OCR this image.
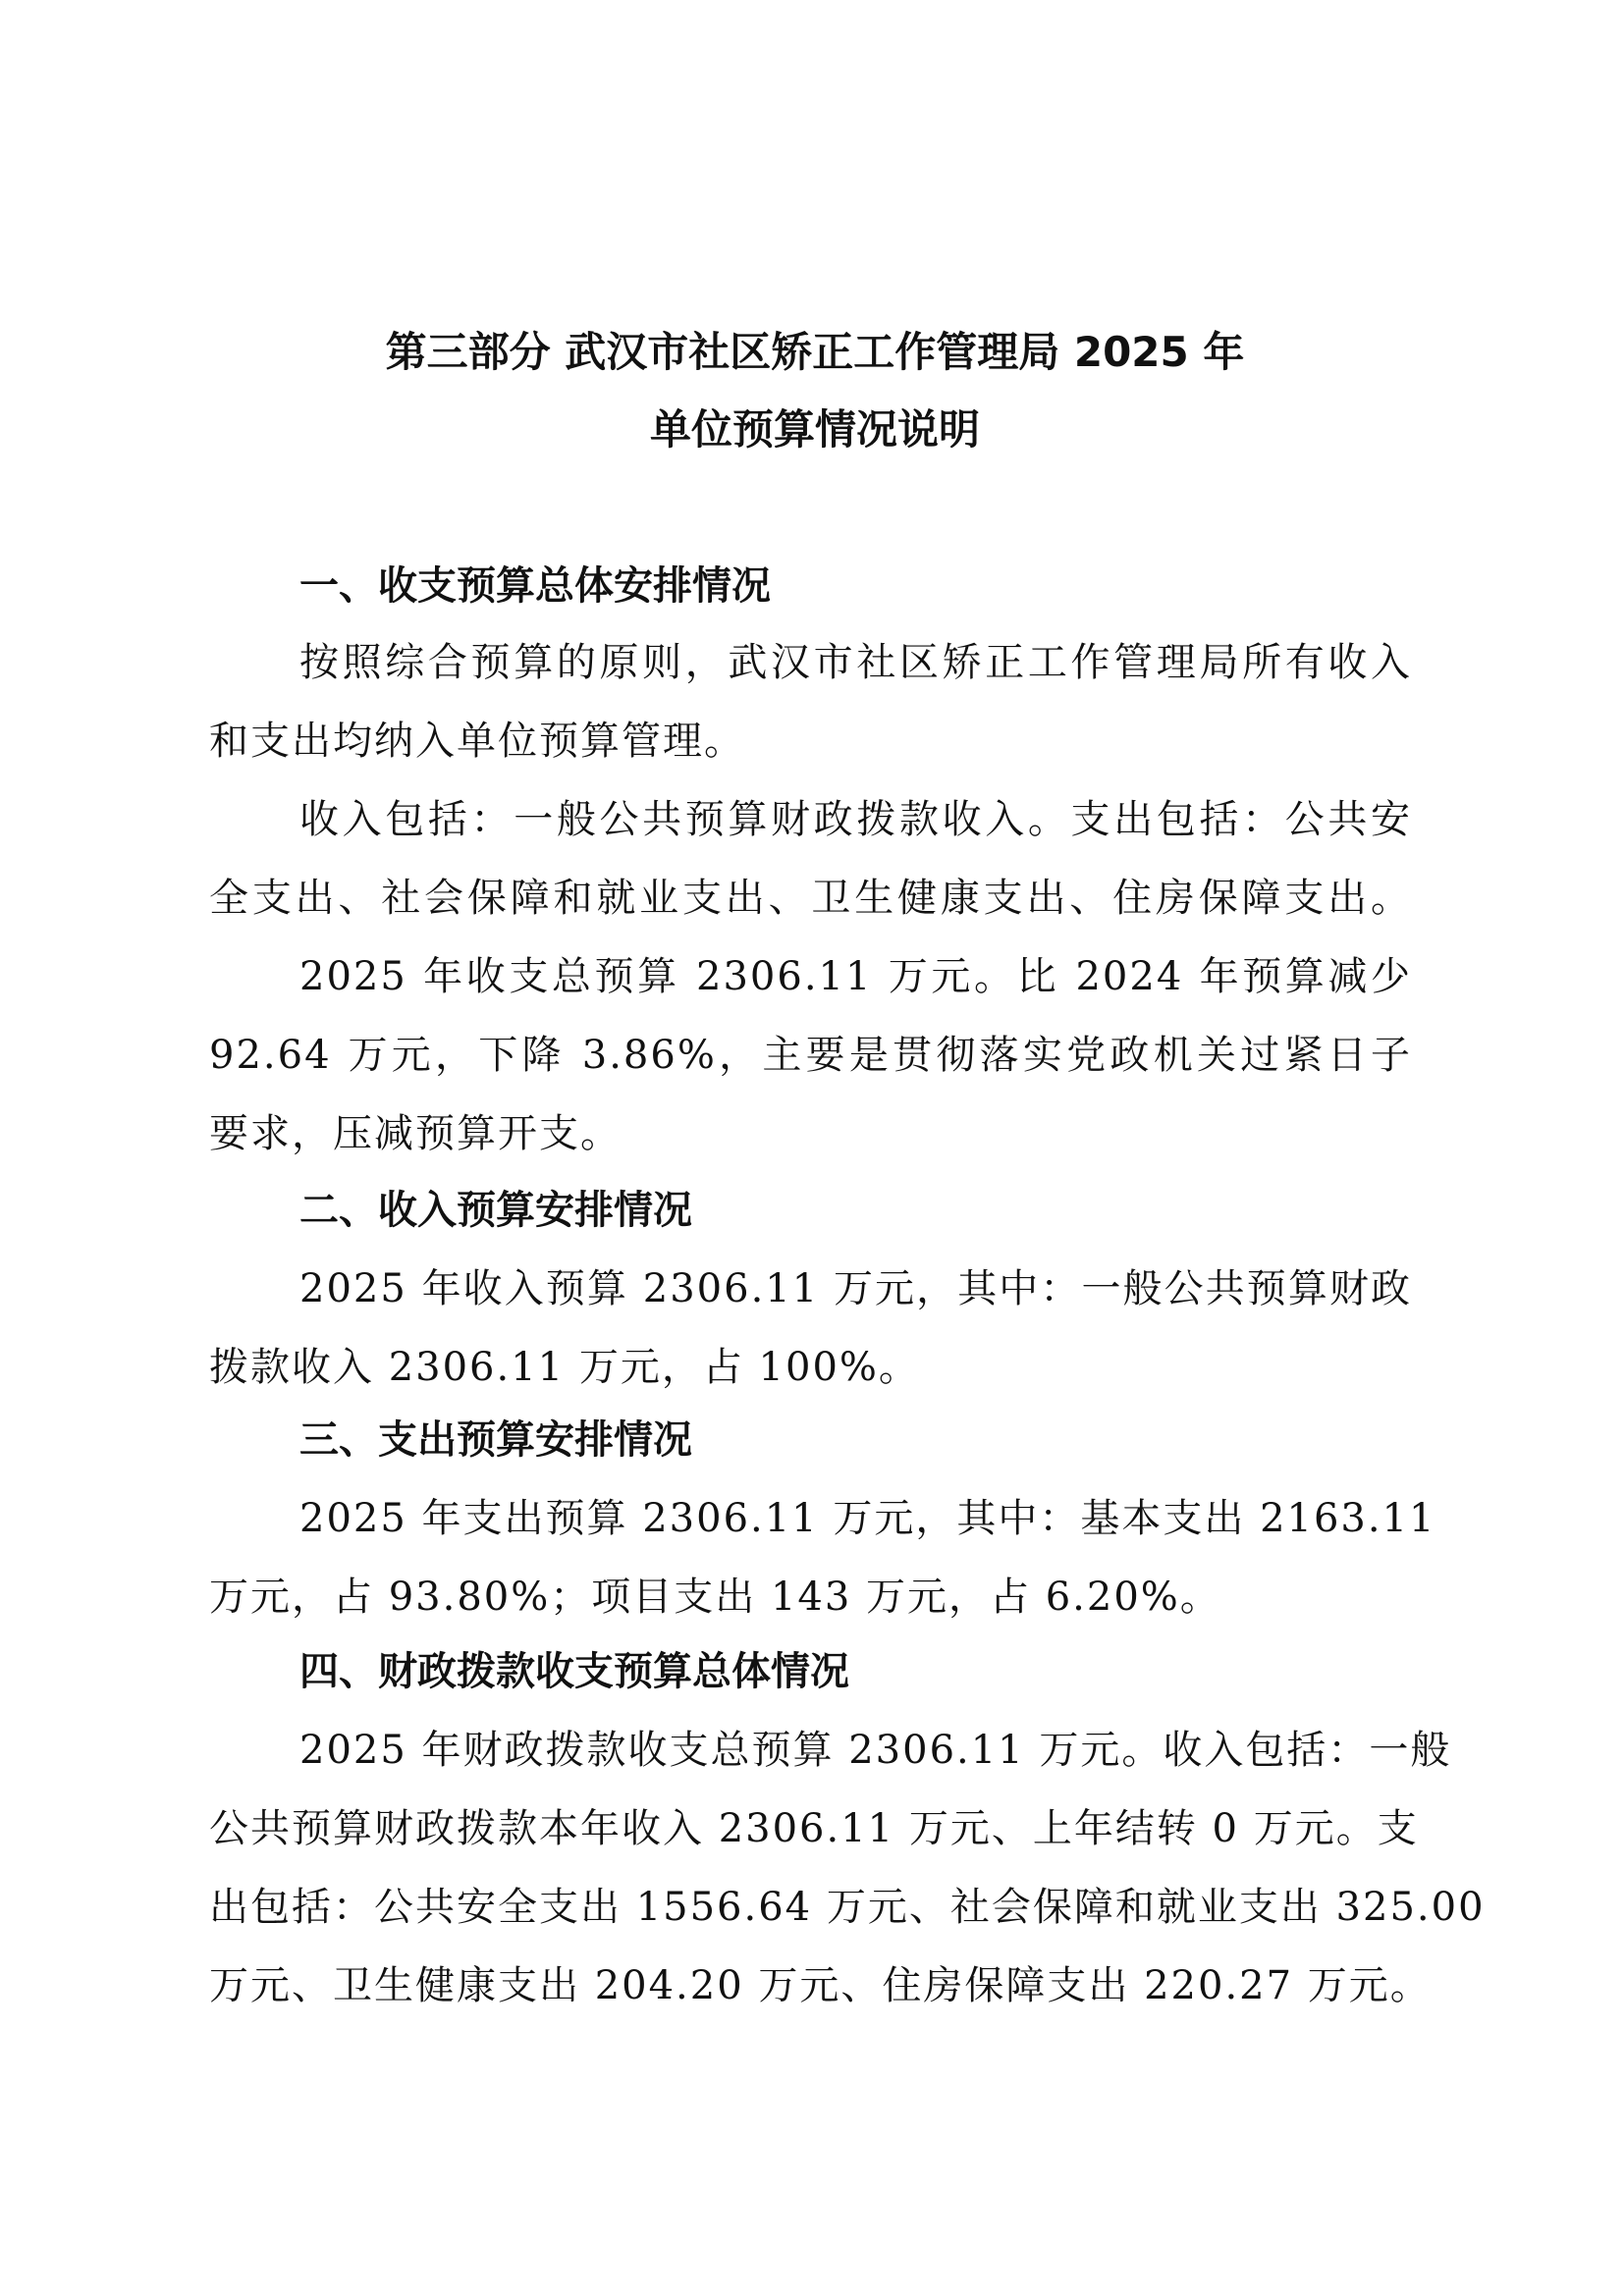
第三部分 武汉市社区矫正工作管理局 2025 年
单位预算情况说明
一、收支预算总体安排情况
按照综合预算的原则，武汉市社区矫正工作管理局所有收入
和支出均纳入单位预算管理。
收入包括：一般公共预算财政拨款收入。支出包括：公共安
全支出、社会保障和就业支出、卫生健康支出、住房保障支出。
2025 年收支总预算 2306.11 万元。比 2024 年预算减少
92.64 万元，下降 3.86%，主要是贯彻落实党政机关过紧日子
要求，压减预算开支。
二、收入预算安排情况
2025 年收入预算 2306.11 万元，其中：一般公共预算财政
拨款收入 2306.11 万元，占 100%。
三、支出预算安排情况
2025 年支出预算 2306.11 万元，其中：基本支出 2163.11
万元，占 93.80%；项目支出 143 万元，占 6.20%。
四、财政拨款收支预算总体情况
2025 年财政拨款收支总预算 2306.11 万元。收入包括：一般
公共预算财政拨款本年收入 2306.11 万元、上年结转 0 万元。支
出包括：公共安全支出 1556.64 万元、社会保障和就业支出 325.00
万元、卫生健康支出 204.20 万元、住房保障支出 220.27 万元。
